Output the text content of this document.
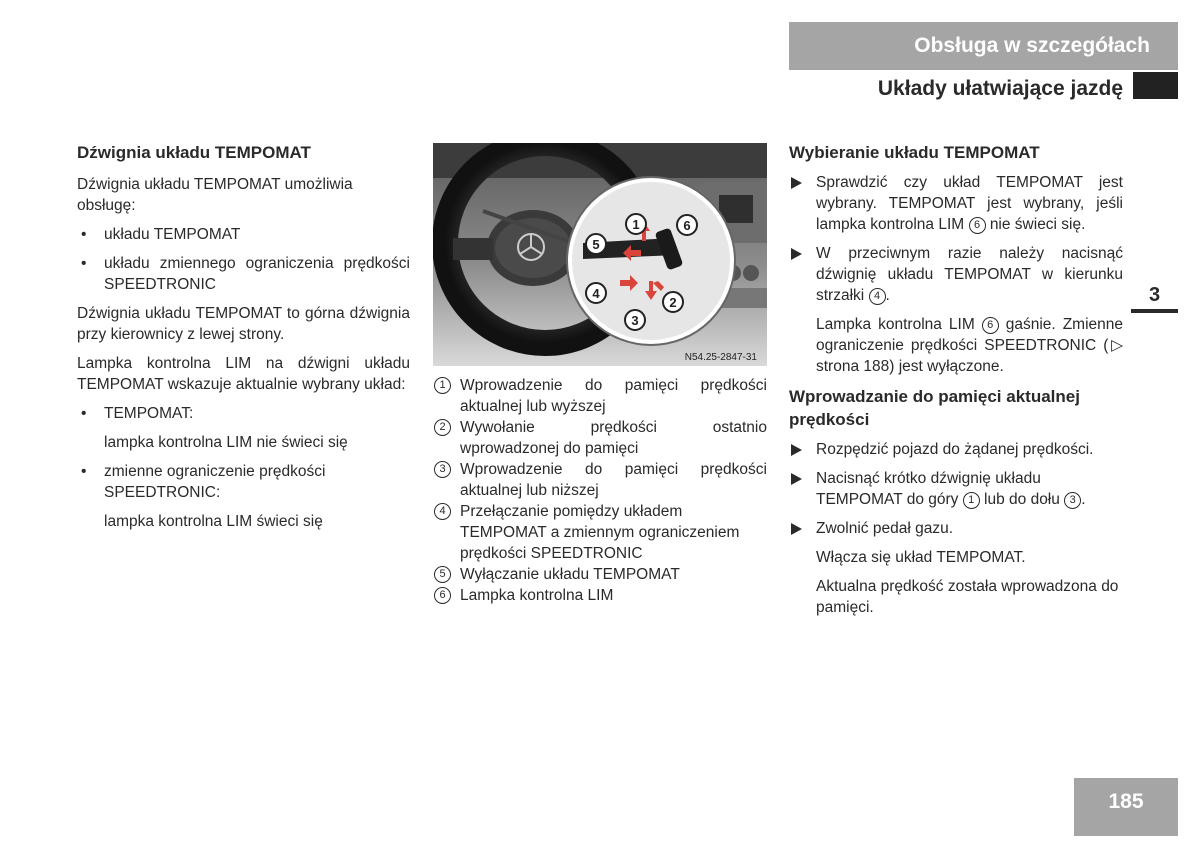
Obsługa w szczegółach
Układy ułatwiające jazdę
3

Dźwignia układu TEMPOMAT

Dźwignia układu TEMPOMAT umożliwia obsługę:

• układu TEMPOMAT

• układu zmiennego ograniczenia prędkości SPEEDTRONIC

Dźwignia układu TEMPOMAT to górna dźwignia przy kierownicy z lewej strony.

Lampka kontrolna LIM na dźwigni układu TEMPOMAT wskazuje aktualnie wybrany układ:

• TEMPOMAT:

lampka kontrolna LIM nie świeci się

• zmienne ograniczenie prędkości SPEEDTRONIC:

lampka kontrolna LIM świeci się

1
2
3
4
5
6
N54.25-2847-31

1 Wprowadzenie do pamięci prędkości aktualnej lub wyższej

2 Wywołanie prędkości ostatnio wprowadzonej do pamięci

3 Wprowadzenie do pamięci prędkości aktualnej lub niższej

4 Przełączanie pomiędzy układem TEMPOMAT a zmiennym ograniczeniem prędkości SPEEDTRONIC

5 Wyłączanie układu TEMPOMAT

6 Lampka kontrolna LIM

Wybieranie układu TEMPOMAT

Sprawdzić czy układ TEMPOMAT jest wybrany. TEMPOMAT jest wybrany, jeśli lampka kontrolna LIM 6 nie świeci się.

W przeciwnym razie należy nacisnąć dźwignię układu TEMPOMAT w kierunku strzałki 4 .

Lampka kontrolna LIM 6 gaśnie. Zmienne ograniczenie prędkości SPEEDTRONIC (▷ strona 188) jest wyłączone.

Wprowadzanie do pamięci aktualnej prędkości

Rozpędzić pojazd do żądanej prędkości.

Nacisnąć krótko dźwignię układu TEMPOMAT do góry 1 lub do dołu 3 .

Zwolnić pedał gazu.

Włącza się układ TEMPOMAT.

Aktualna prędkość została wprowadzona do pamięci.

185
